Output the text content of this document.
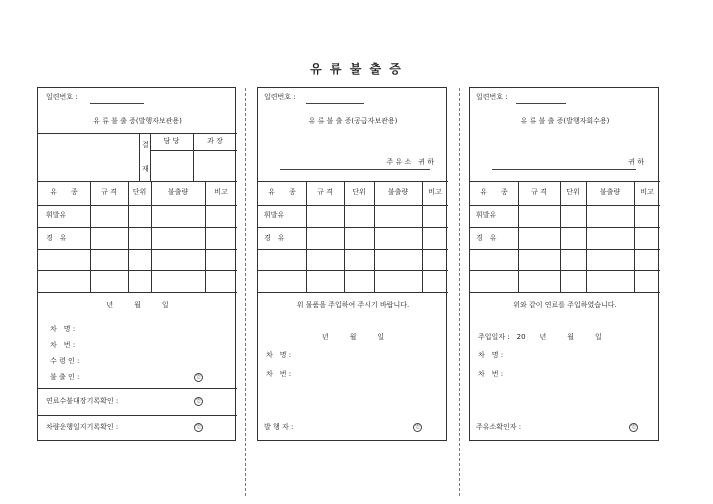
유 류 불 출 증
일련번호 :
유 류 불 출 증(발행자보관용)
결
재
담 당	과 장
유　　종	규 격	단위	불출량	비고
휘발유
경　유
년　　　월　　　일
차　명 :
차　번 :
수 령 인 :
불 출 인 :	인
연료수불대장기록확인 :	인
차량운행일지기록확인 :	인
일련번호 :
유 류 불 출 증(공급자보관용)
주 유 소　귀 하
유　　종	규 격	단위	불출량	비고
휘발유
경　유
위 물품을 주입하여 주시기 바랍니다.
년　　　월　　　일
차　명 :
차　번 :
발 행 자 :	인
일련번호 :
유 류 불 출 증(발행자회수용)
귀 하
유　　종	규 격	단위	불출량	비고
휘발유
경　유
위와 같이 연료를 주입하였습니다.
주입일자 :　20　　년　　　월　　　일
차　명 :
차　번 :
주유소확인자 :	인
